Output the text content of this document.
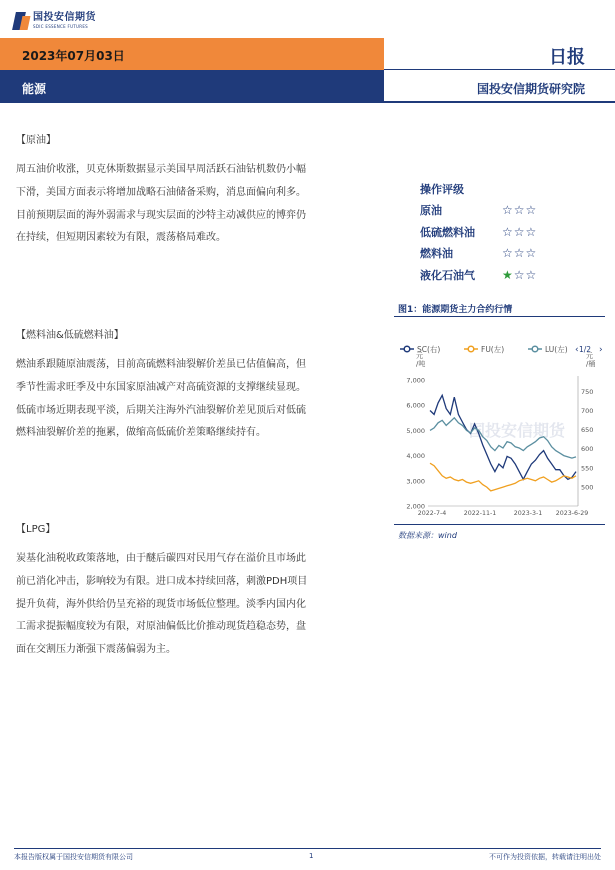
国投安信期货
SDIC ESSENCE FUTURES
2023年07月03日	日报
能源	国投安信期货研究院
【原油】

周五油价收涨，贝克休斯数据显示美国早周活跃石油钻机数仍小幅

下滑，美国方面表示将增加战略石油储备采购，消息面偏向利多。

目前预期层面的海外弱需求与现实层面的沙特主动减供应的博弈仍

在持续，但短期因素较为有限，震荡格局难改。

【燃料油&低硫燃料油】

燃油系跟随原油震荡，目前高硫燃料油裂解价差虽已估值偏高，但

季节性需求旺季及中东国家原油减产对高硫资源的支撑继续显现。

低硫市场近期表现平淡，后期关注海外汽油裂解价差见顶后对低硫

燃料油裂解价差的拖累，做缩高低硫价差策略继续持有。

【LPG】

炭基化油税收政策落地，由于醚后碳四对民用气存在溢价且市场此

前已消化冲击，影响较为有限。进口成本持续回落，刺激PDH项目

提升负荷，海外供给仍呈充裕的现货市场低位整理。淡季内国内化

工需求提振幅度较为有限，对原油偏低比价推动现货趋稳态势，盘

面在交割压力渐强下震荡偏弱为主。

操作评级
原油	☆☆☆
低硫燃料油	☆☆☆
燃料油	☆☆☆
液化石油气	★☆☆
图1：能源期货主力合约行情
国投安信期货
SC(右)	FU(左)	LU(左) 1/2
‹ ›
元
/吨
元
/桶
7,000
6,000
5,000
4,000
3,000
2,000
750
700
650
600
550
500
2022-7-4	2022-11-1	2023-3-1 2023-6-29
数据来源：wind
本报告版权属于国投安信期货有限公司	1	不可作为投资依据，转载请注明出处
